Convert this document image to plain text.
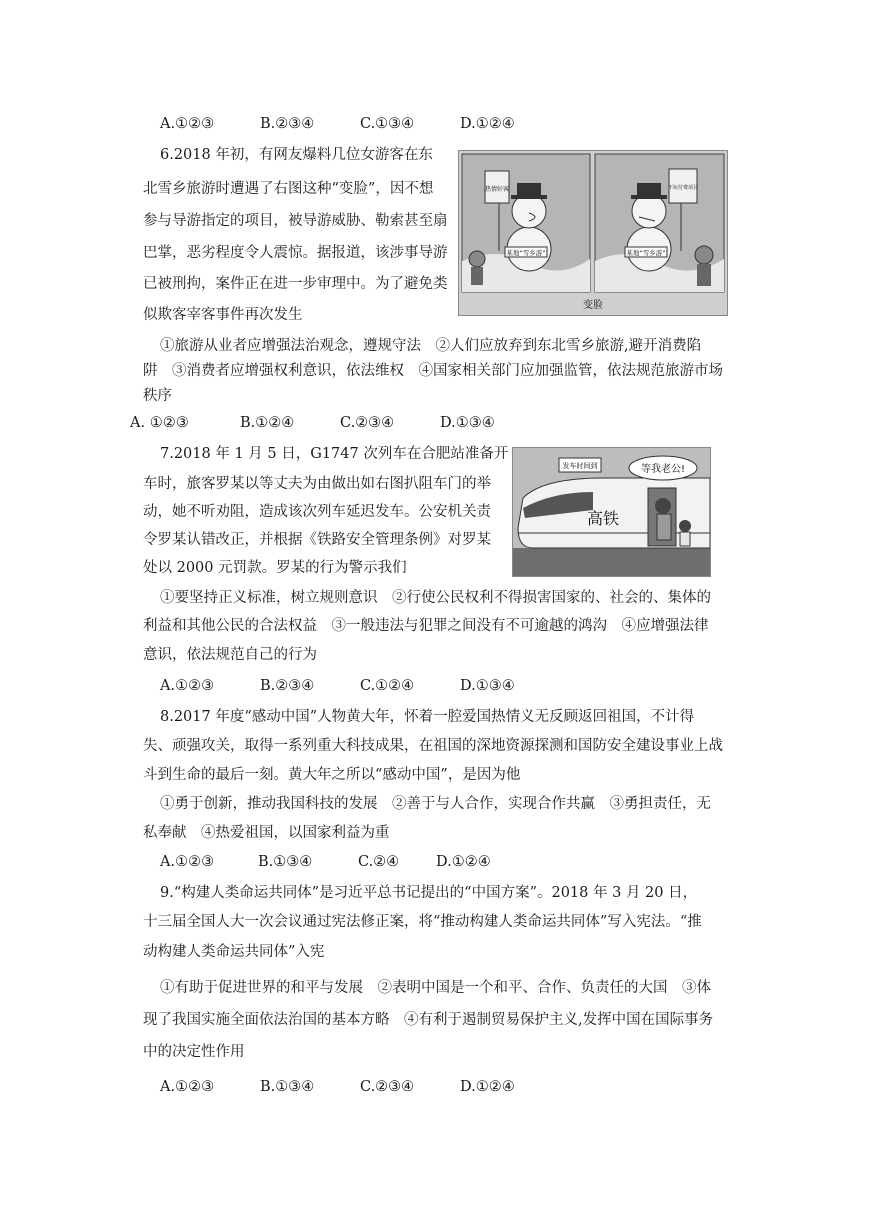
A.①②③	B.②③④	C.①③④	D.①②④
6.2018 年初，有网友爆料几位女游客在东
北雪乡旅游时遭遇了右图这种“变脸”，因不想
参与导游指定的项目，被导游威胁、勒索甚至扇
巴掌，恶劣程度令人震惊。据报道，该涉事导游
已被刑拘，案件正在进一步审理中。为了避免类
似欺客宰客事件再次发生
某地“雪乡游”
热情好客
某地“雪乡游”
不玩付费项目
变脸
①旅游从业者应增强法治观念，遵规守法　②人们应放弃到东北雪乡旅游,避开消费陷
阱　③消费者应增强权利意识，依法维权　④国家相关部门应加强监管，依法规范旅游市场
秩序
A. ①②③	B.①②④	C.②③④	D.①③④
7.2018 年 1 月 5 日，G1747 次列车在合肥站准备开
车时，旅客罗某以等丈夫为由做出如右图扒阻车门的举
动，她不听劝阻，造成该次列车延迟发车。公安机关责
令罗某认错改正，并根据《铁路安全管理条例》对罗某
处以 2000 元罚款。罗某的行为警示我们
发车时间到	等我老公!
高铁
①要坚持正义标准，树立规则意识　②行使公民权利不得损害国家的、社会的、集体的
利益和其他公民的合法权益　③一般违法与犯罪之间没有不可逾越的鸿沟　④应增强法律
意识，依法规范自己的行为
A.①②③	B.②③④	C.①②④	D.①③④
8.2017 年度“感动中国”人物黄大年，怀着一腔爱国热情义无反顾返回祖国，不计得
失、顽强攻关，取得一系列重大科技成果，在祖国的深地资源探测和国防安全建设事业上战
斗到生命的最后一刻。黄大年之所以“感动中国”，是因为他
①勇于创新，推动我国科技的发展　②善于与人合作，实现合作共赢　③勇担责任，无
私奉献　④热爱祖国，以国家利益为重
A.①②③	B.①③④	C.②④	D.①②④
9.“构建人类命运共同体”是习近平总书记提出的“中国方案”。2018 年 3 月 20 日，
十三届全国人大一次会议通过宪法修正案，将“推动构建人类命运共同体”写入宪法。“推
动构建人类命运共同体”入宪
①有助于促进世界的和平与发展　②表明中国是一个和平、合作、负责任的大国　③体
现了我国实施全面依法治国的基本方略　④有利于遏制贸易保护主义,发挥中国在国际事务
中的决定性作用
A.①②③	B.①③④	C.②③④	D.①②④
